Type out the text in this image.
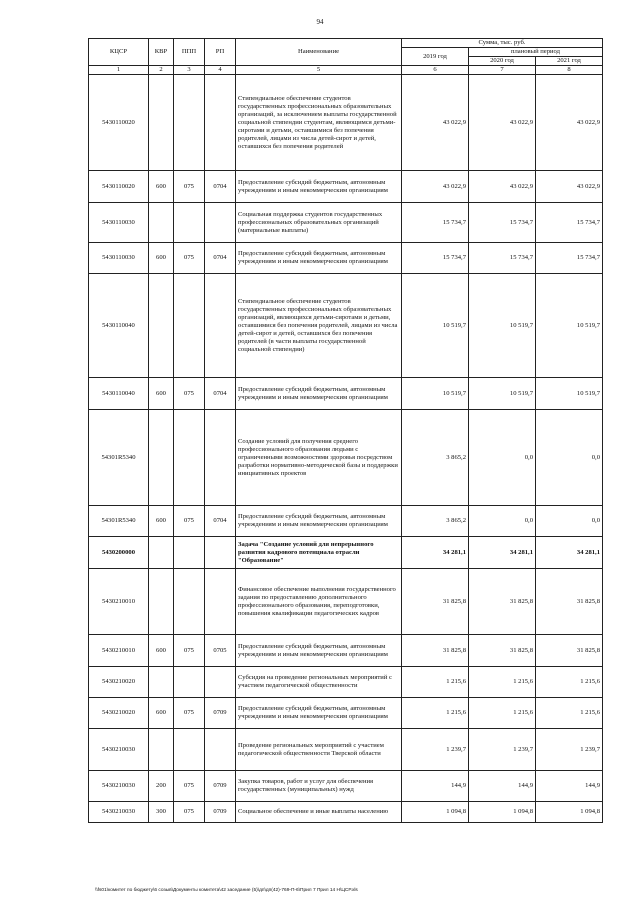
94
КЦСР	КВР	ППП	РП	Наименование	Сумма, тыс. руб.		
					2019 год	плановый период	
						2020 год	2021 год
1	2	3	4	5	6	7	8
5430110020				Стипендиальное обеспечение студентов государственных профессиональных образовательных организаций, за исключением выплаты государственной социальной стипендии студентам, являющимся детьми-сиротами и детьми, оставшимися без попечения родителей, лицами из числа детей-сирот и детей, оставшихся без попечения родителей	43 022,9	43 022,9	43 022,9
5430110020	600	075	0704	Предоставление субсидий бюджетным, автономным учреждениям и иным некоммерческим организациям	43 022,9	43 022,9	43 022,9
5430110030				Социальная поддержка студентов государственных профессиональных образовательных организаций (материальные выплаты)	15 734,7	15 734,7	15 734,7
5430110030	600	075	0704	Предоставление субсидий бюджетным, автономным учреждениям и иным некоммерческим организациям	15 734,7	15 734,7	15 734,7
5430110040				Стипендиальное обеспечение студентов государственных профессиональных образовательных организаций, являющихся детьми-сиротами и детьми, оставшимися без попечения родителей, лицами из числа детей-сирот и детей, оставшихся без попечения родителей (в части выплаты государственной социальной стипендии)	10 519,7	10 519,7	10 519,7
5430110040	600	075	0704	Предоставление субсидий бюджетным, автономным учреждениям и иным некоммерческим организациям	10 519,7	10 519,7	10 519,7
54301R5340				Создание условий для получения среднего профессионального образования людьми с ограниченными возможностями здоровья посредством разработки нормативно-методической базы и поддержки инициативных проектов	3 865,2	0,0	0,0
54301R5340	600	075	0704	Предоставление субсидий бюджетным, автономным учреждениям и иным некоммерческим организациям	3 865,2	0,0	0,0
5430200000				Задача "Создание условий для непрерывного развития кадрового потенциала отрасли "Образование"	34 281,1	34 281,1	34 281,1
5430210010				Финансовое обеспечение выполнения государственного задания по предоставлению дополнительного профессионального образования, переподготовки, повышения квалификации педагогических кадров	31 825,8	31 825,8	31 825,8
5430210010	600	075	0705	Предоставление субсидий бюджетным, автономным учреждениям и иным некоммерческим организациям	31 825,8	31 825,8	31 825,8
5430210020				Субсидия на проведение региональных мероприятий с участием педагогической общественности	1 215,6	1 215,6	1 215,6
5430210020	600	075	0709	Предоставление субсидий бюджетным, автономным учреждениям и иным некоммерческим организациям	1 215,6	1 215,6	1 215,6
5430210030				Проведение региональных мероприятий с участием педагогической общественности Тверской области	1 239,7	1 239,7	1 239,7
5430210030	200	075	0709	Закупка товаров, работ и услуг для обеспечения государственных (муниципальных) нужд	144,9	144,9	144,9
5430210030	300	075	0709	Социальное обеспечение и иные выплаты населению	1 094,8	1 094,8	1 094,8
\\fs01\комитет по бюджету\6 созыв\Документы комитета\42 заседание (5)\дп\дп(42)-769-П-6\Прил 7 Прил 14 Н\ЦСР.xls
